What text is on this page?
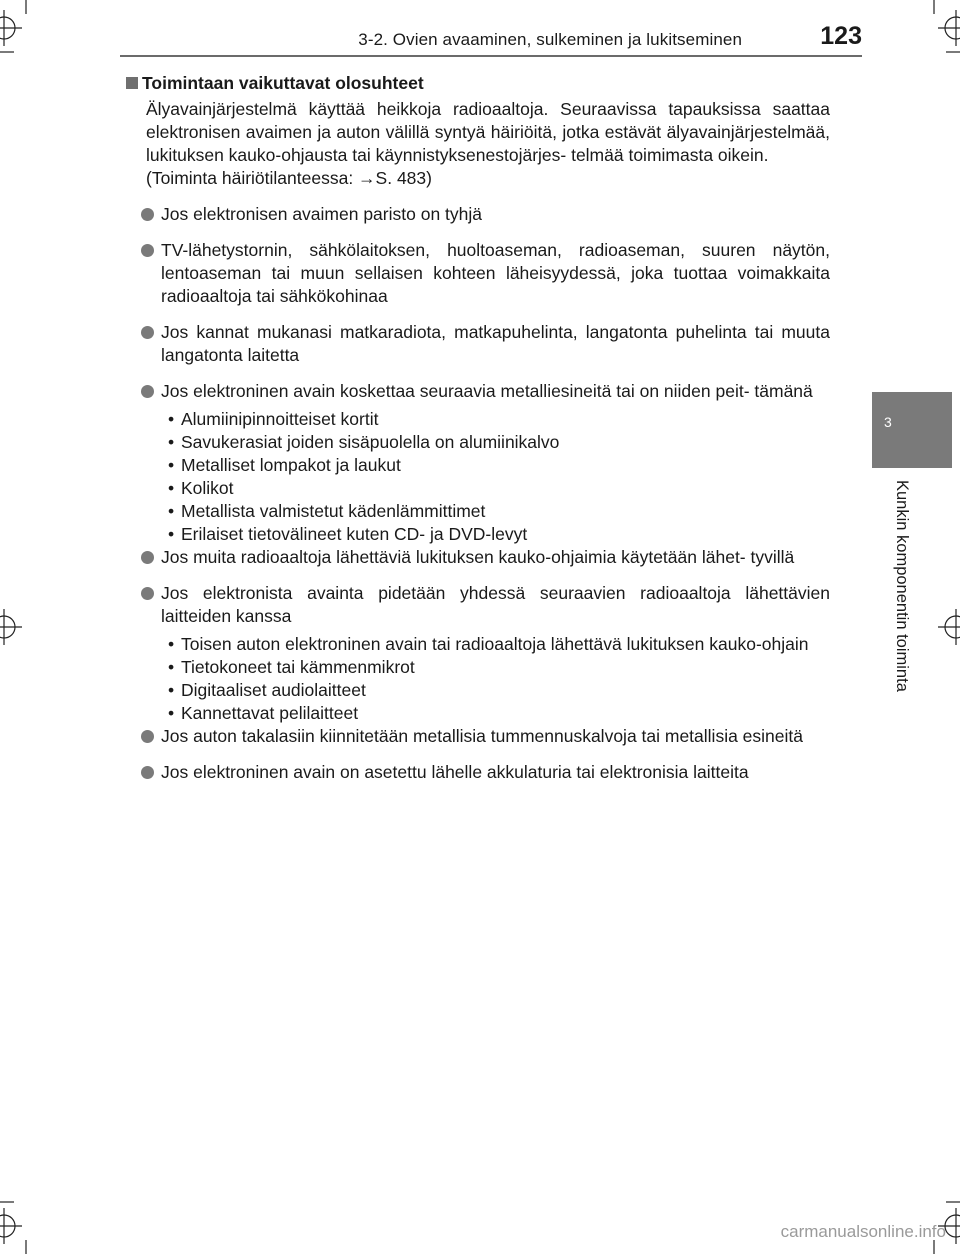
3-2. Ovien avaaminen, sulkeminen ja lukitseminen	123
3
Kunkin komponentin toiminta
Toimintaan vaikuttavat olosuhteet

Älyavainjärjestelmä käyttää heikkoja radioaaltoja. Seuraavissa tapauksissa saattaa elektronisen avaimen ja auton välillä syntyä häiriöitä, jotka estävät älyavainjärjestelmää, lukituksen kauko-ohjausta tai käynnistyksenestojärjes- telmää toimimasta oikein.

(Toiminta häiriötilanteessa: →S. 483)

Jos elektronisen avaimen paristo on tyhjä
TV-lähetystornin, sähkölaitoksen, huoltoaseman, radioaseman, suuren näytön, lentoaseman tai muun sellaisen kohteen läheisyydessä, joka tuottaa voimakkaita radioaaltoja tai sähkökohinaa
Jos kannat mukanasi matkaradiota, matkapuhelinta, langatonta puhelinta tai muuta langatonta laitetta
Jos elektroninen avain koskettaa seuraavia metalliesineitä tai on niiden peit- tämänä
• Alumiinipinnoitteiset kortit
• Savukerasiat joiden sisäpuolella on alumiinikalvo
• Metalliset lompakot ja laukut
• Kolikot
• Metallista valmistetut kädenlämmittimet
• Erilaiset tietovälineet kuten CD- ja DVD-levyt
Jos muita radioaaltoja lähettäviä lukituksen kauko-ohjaimia käytetään lähet- tyvillä
Jos elektronista avainta pidetään yhdessä seuraavien radioaaltoja lähettävien laitteiden kanssa
• Toisen auton elektroninen avain tai radioaaltoja lähettävä lukituksen kauko-ohjain
• Tietokoneet tai kämmenmikrot
• Digitaaliset audiolaitteet
• Kannettavat pelilaitteet
Jos auton takalasiin kiinnitetään metallisia tummennuskalvoja tai metallisia esineitä
Jos elektroninen avain on asetettu lähelle akkulaturia tai elektronisia laitteita
carmanualsonline.info
